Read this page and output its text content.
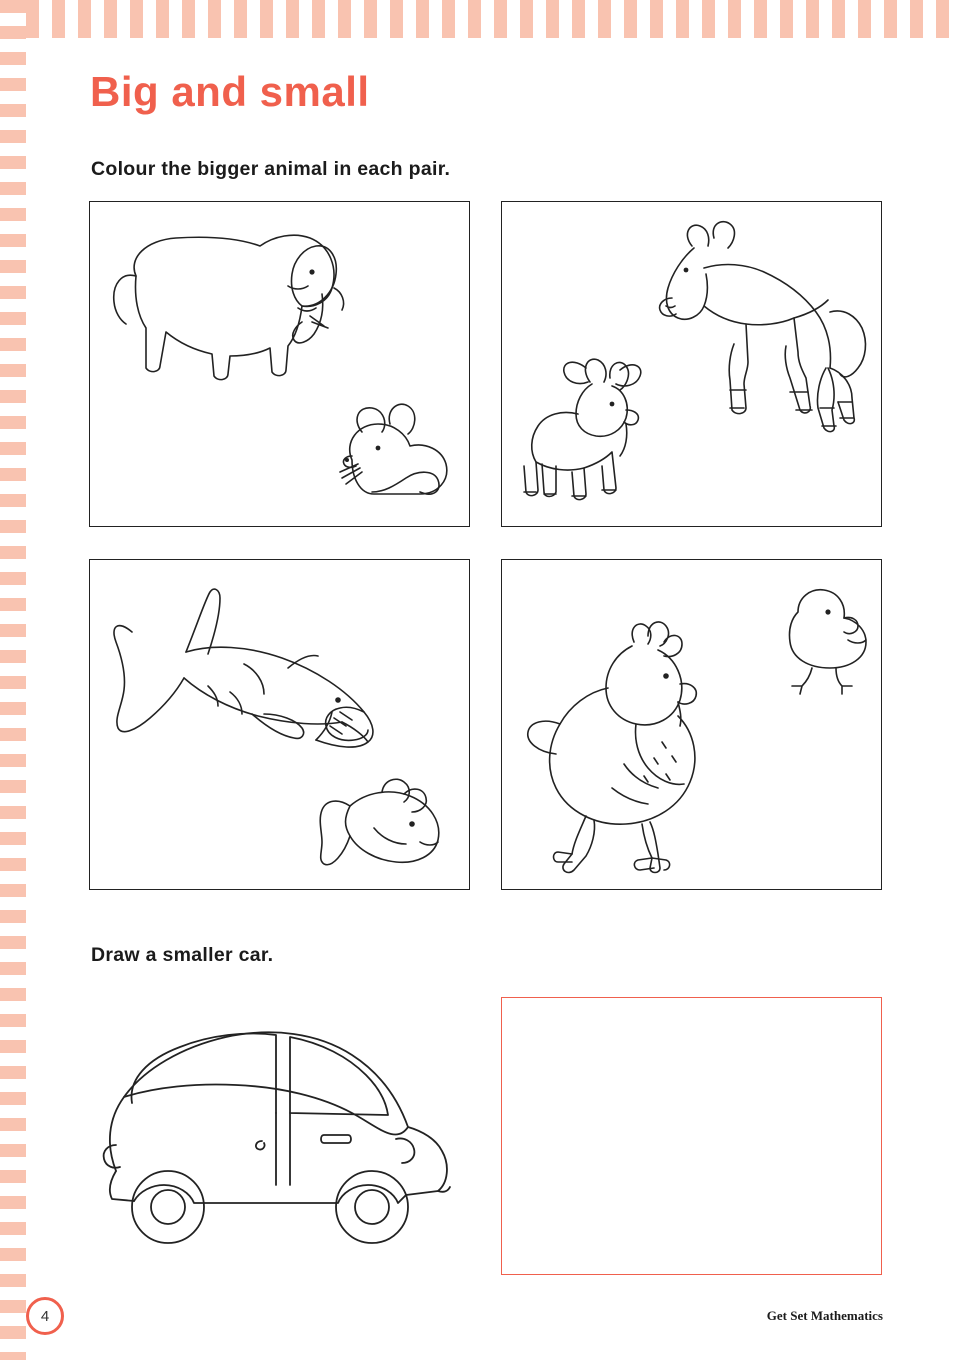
Big and small
Colour the bigger animal in each pair.
Draw a smaller car.
4	Get Set Mathematics
